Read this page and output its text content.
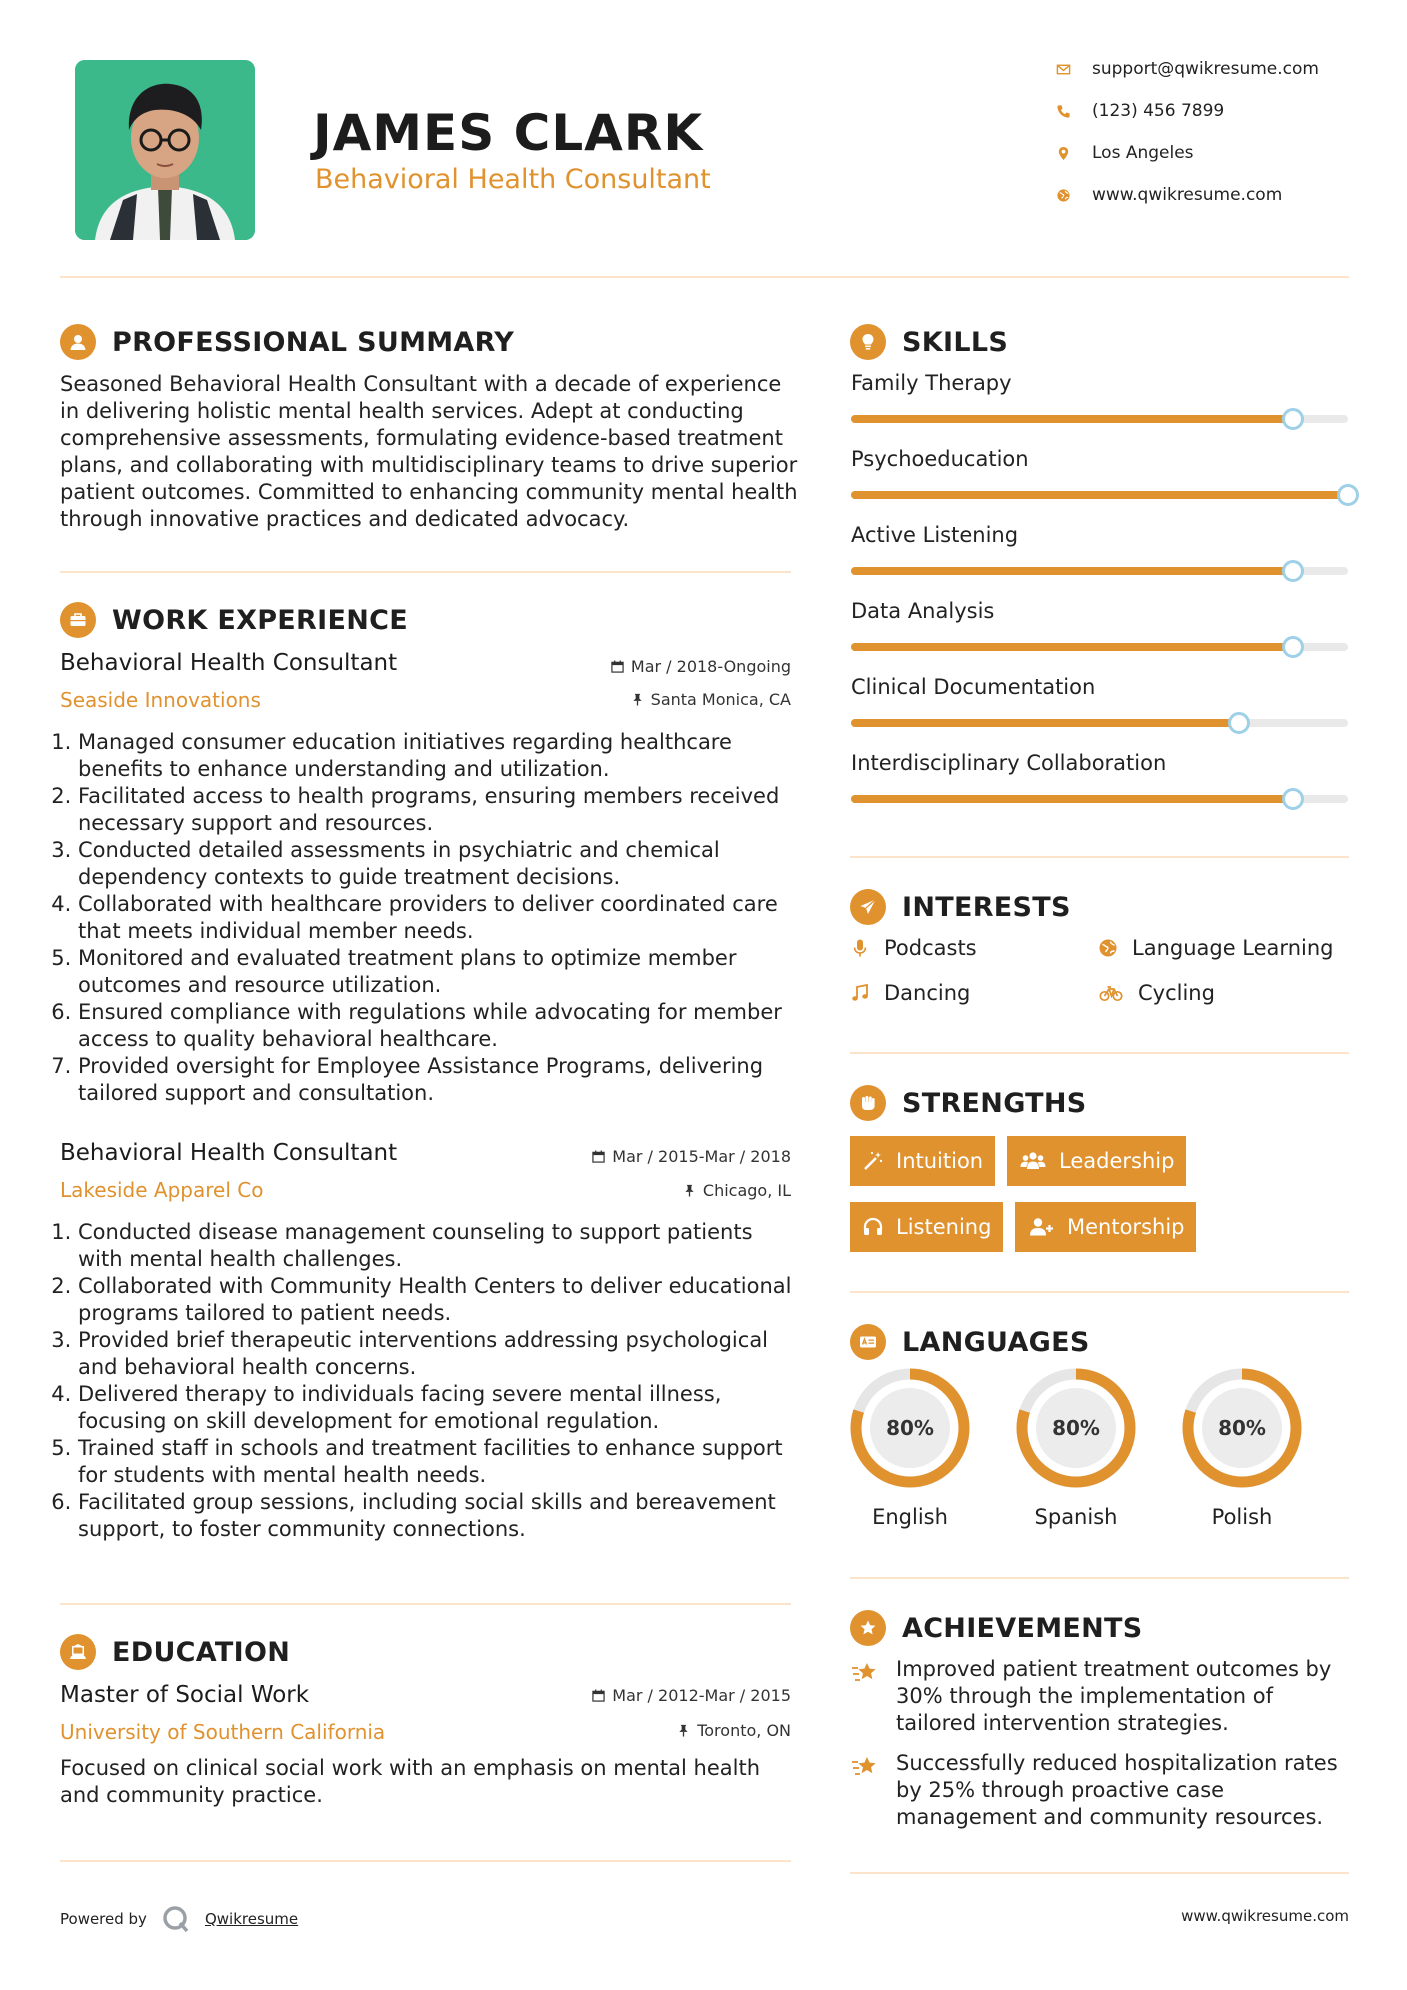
JAMES CLARK
Behavioral Health Consultant
support@qwikresume.com
(123) 456 7899
Los Angeles
www.qwikresume.com
PROFESSIONAL SUMMARY
Seasoned Behavioral Health Consultant with a decade of experience in delivering holistic mental health services. Adept at conducting comprehensive assessments, formulating evidence-based treatment plans, and collaborating with multidisciplinary teams to drive superior patient outcomes. Committed to enhancing community mental health through innovative practices and dedicated advocacy.
WORK EXPERIENCE
Behavioral Health Consultant	Mar / 2018-Ongoing
Seaside Innovations	Santa Monica, CA
1. Managed consumer education initiatives regarding healthcare benefits to enhance understanding and utilization.
2. Facilitated access to health programs, ensuring members received necessary support and resources.
3. Conducted detailed assessments in psychiatric and chemical dependency contexts to guide treatment decisions.
4. Collaborated with healthcare providers to deliver coordinated care that meets individual member needs.
5. Monitored and evaluated treatment plans to optimize member outcomes and resource utilization.
6. Ensured compliance with regulations while advocating for member access to quality behavioral healthcare.
7. Provided oversight for Employee Assistance Programs, delivering tailored support and consultation.
Behavioral Health Consultant	Mar / 2015-Mar / 2018
Lakeside Apparel Co	Chicago, IL
1. Conducted disease management counseling to support patients with mental health challenges.
2. Collaborated with Community Health Centers to deliver educational programs tailored to patient needs.
3. Provided brief therapeutic interventions addressing psychological and behavioral health concerns.
4. Delivered therapy to individuals facing severe mental illness, focusing on skill development for emotional regulation.
5. Trained staff in schools and treatment facilities to enhance support for students with mental health needs.
6. Facilitated group sessions, including social skills and bereavement support, to foster community connections.
EDUCATION
Master of Social Work	Mar / 2012-Mar / 2015
University of Southern California	Toronto, ON
Focused on clinical social work with an emphasis on mental health and community practice.
SKILLS
Family Therapy
Psychoeducation
Active Listening
Data Analysis
Clinical Documentation
Interdisciplinary Collaboration
INTERESTS
Podcasts	Language Learning
Dancing	Cycling
STRENGTHS
Intuition	Leadership
Listening	Mentorship
LANGUAGES
80%
English
80%
Spanish
80%
Polish
ACHIEVEMENTS
Improved patient treatment outcomes by 30% through the implementation of tailored intervention strategies.
Successfully reduced hospitalization rates by 25% through proactive case management and community resources.
Powered by	Qwikresume	www.qwikresume.com
